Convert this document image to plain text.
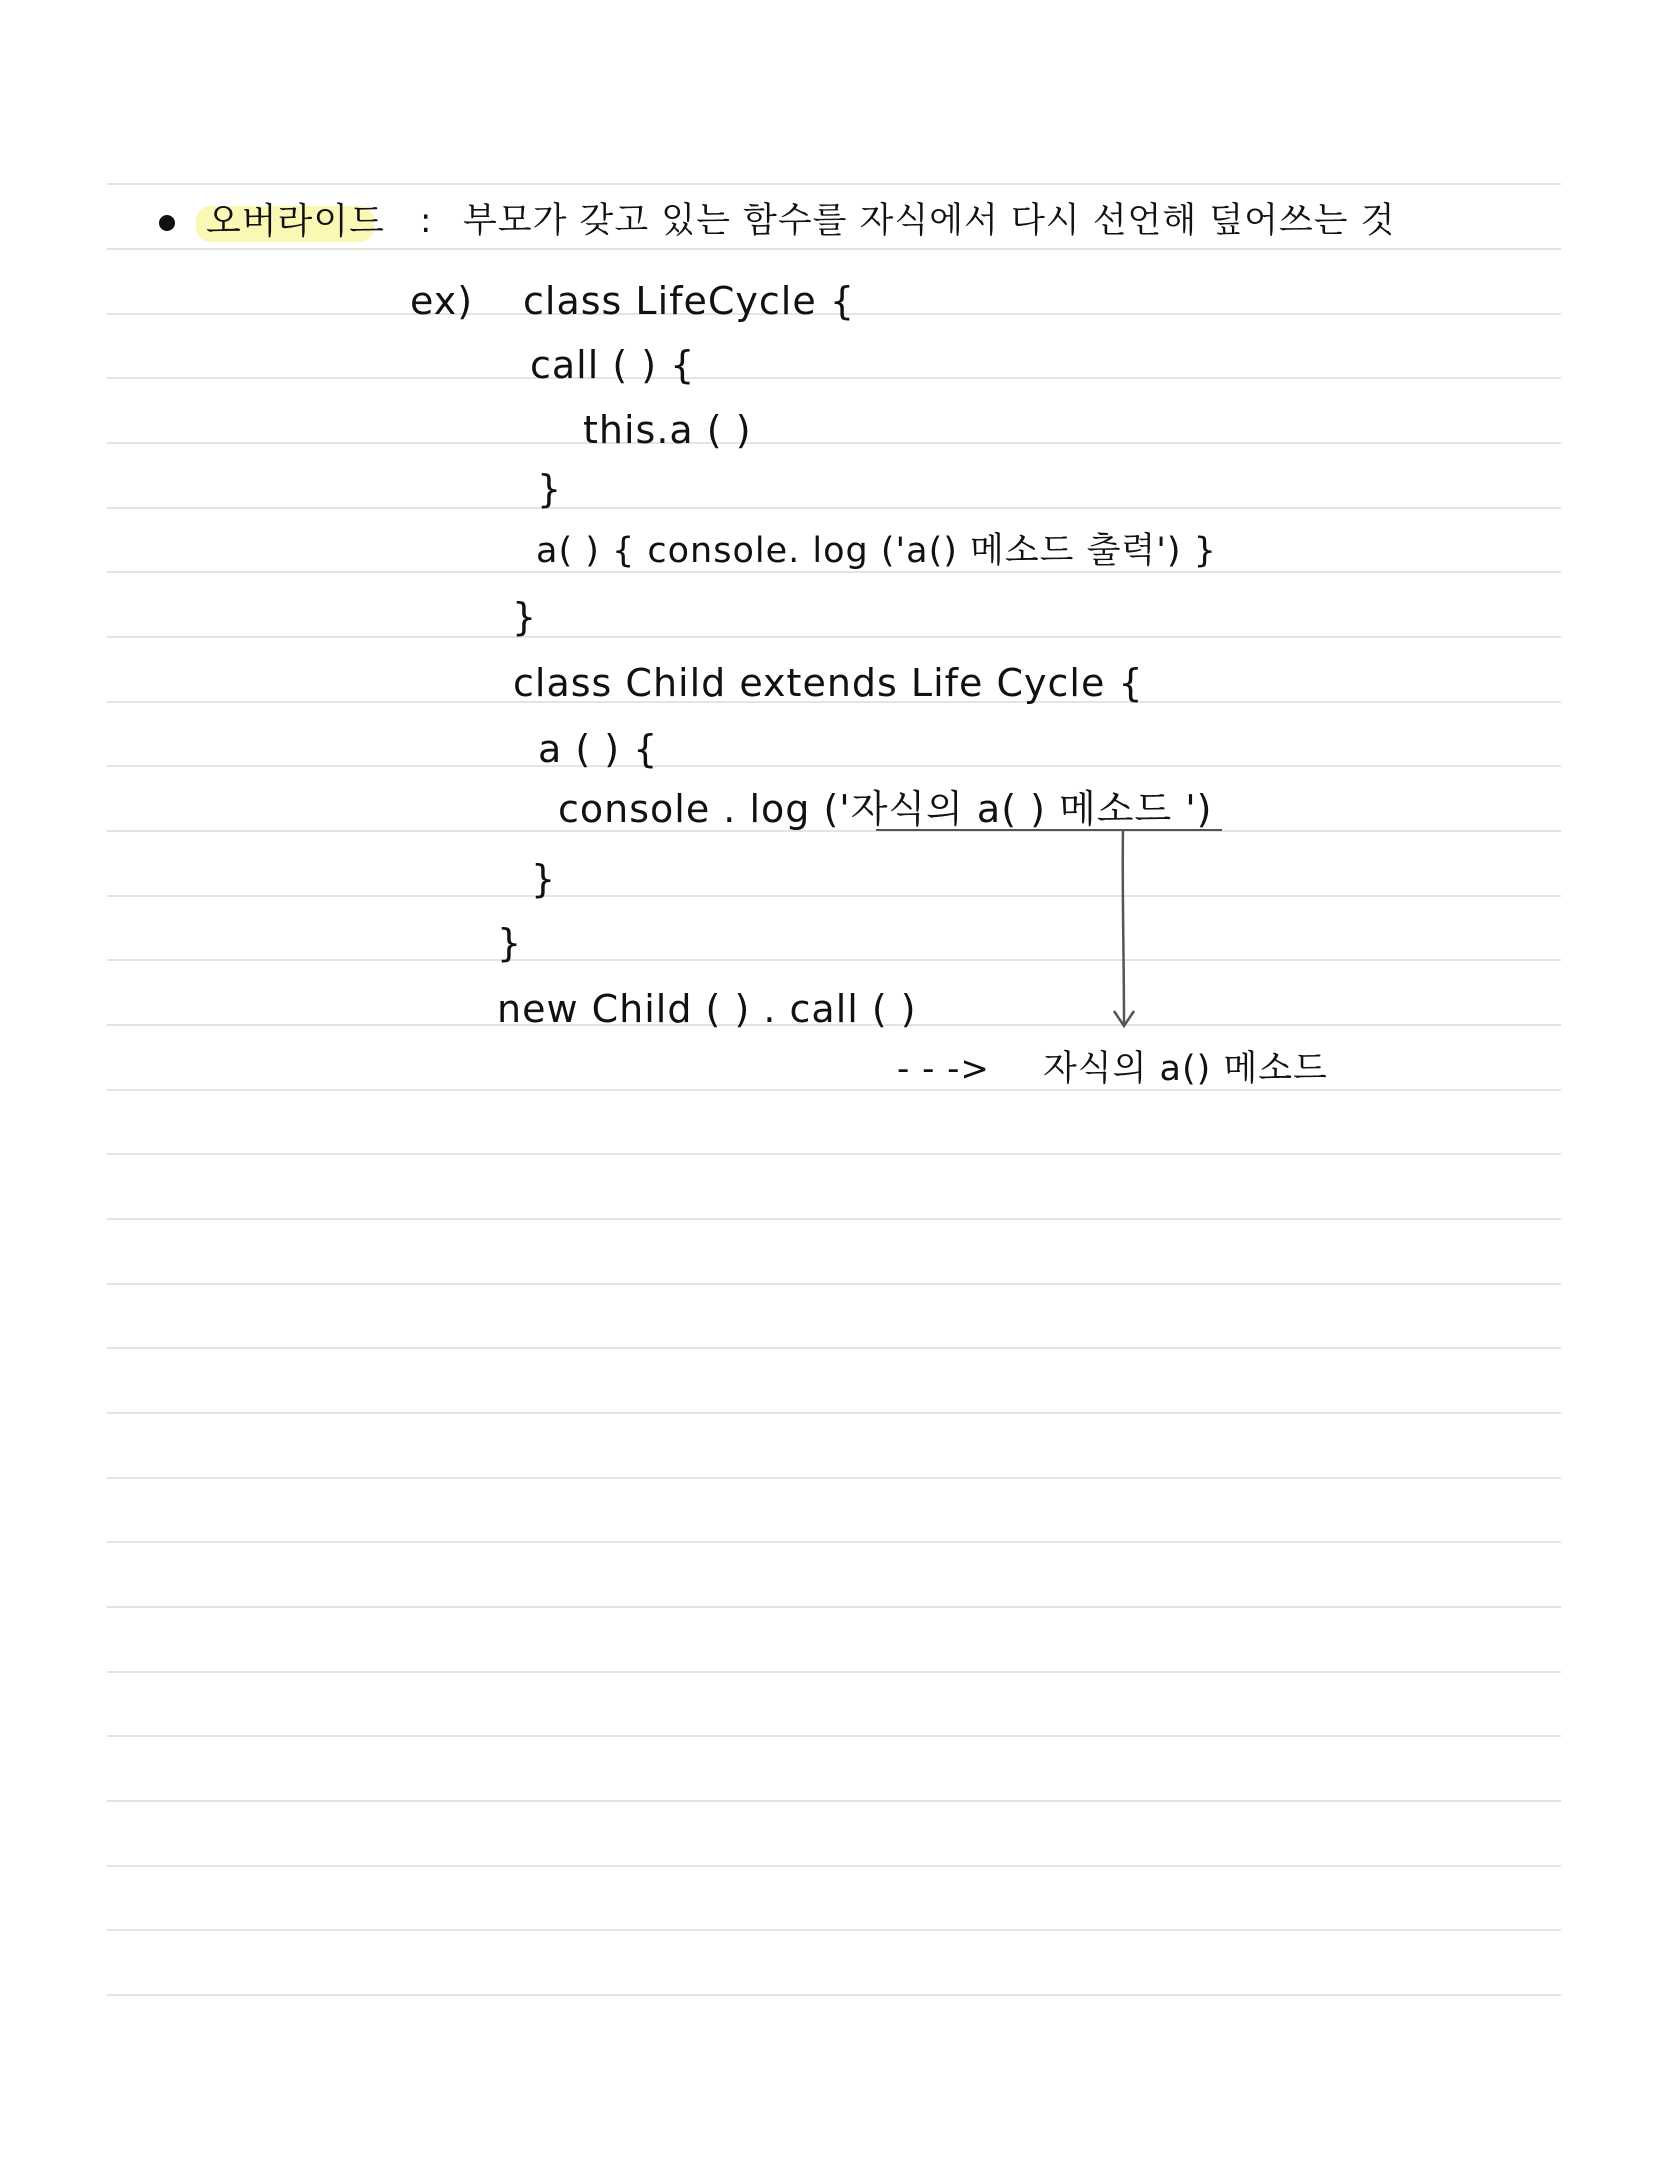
오버라이드 : 부모가 갖고 있는 함수를 자식에서 다시 선언해 덮어쓰는 것
ex) class LifeCycle {
call ( ) {
this.a ( )
}
a( ) { console. log ('a() 메소드 출력') }
}
class Child extends Life Cycle {
a ( ) {
console . log ('자식의 a( ) 메소드 ')
}
}
new Child ( ) . call ( )
- - -> 자식의 a() 메소드
